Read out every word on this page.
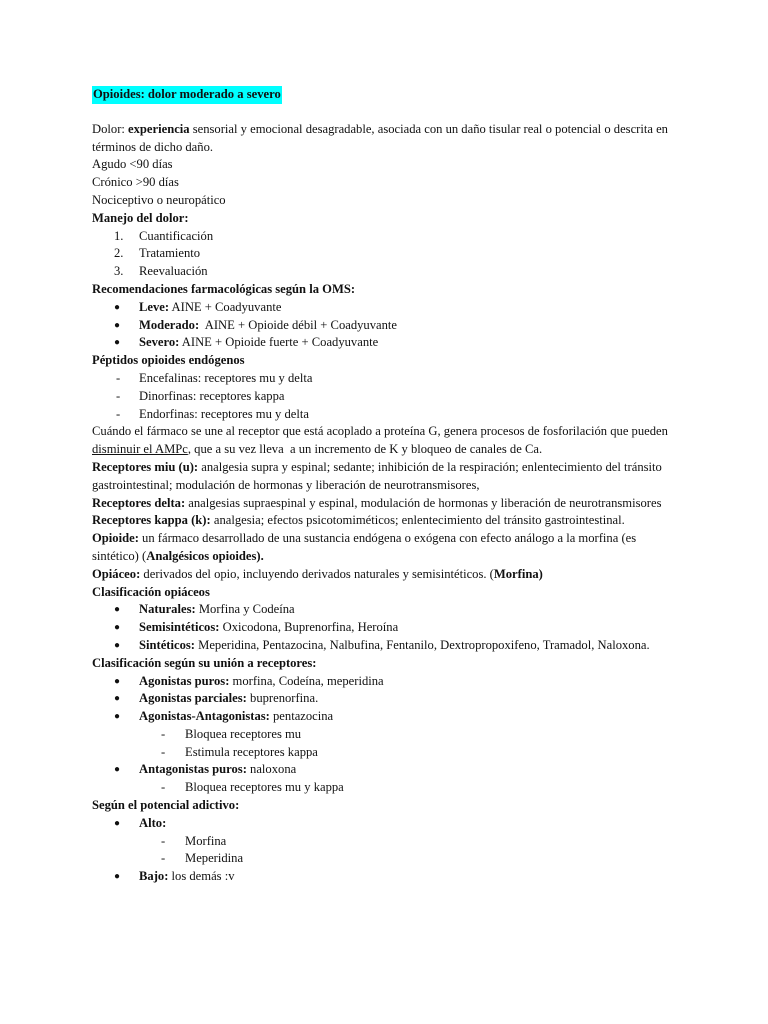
Opioides: dolor moderado a severo

Dolor: experiencia sensorial y emocional desagradable, asociada con un daño tisular real o potencial o descrita en términos de dicho daño.

Agudo <90 días

Crónico >90 días

Nociceptivo o neuropático

Manejo del dolor:

1. Cuantificación
2. Tratamiento
3. Reevaluación

Recomendaciones farmacológicas según la OMS:

● Leve: AINE + Coadyuvante
● Moderado:  AINE + Opioide débil + Coadyuvante
● Severo: AINE + Opioide fuerte + Coadyuvante

Péptidos opioides endógenos

- Encefalinas: receptores mu y delta
- Dinorfinas: receptores kappa
- Endorfinas: receptores mu y delta

Cuándo el fármaco se une al receptor que está acoplado a proteína G, genera procesos de fosforilación que pueden disminuir el AMPc, que a su vez lleva  a un incremento de K y bloqueo de canales de Ca.

Receptores miu (u): analgesia supra y espinal; sedante; inhibición de la respiración; enlentecimiento del tránsito gastrointestinal; modulación de hormonas y liberación de neurotransmisores,

Receptores delta: analgesias supraespinal y espinal, modulación de hormonas y liberación de neurotransmisores

Receptores kappa (k): analgesia; efectos psicotomiméticos; enlentecimiento del tránsito gastrointestinal.

Opioide: un fármaco desarrollado de una sustancia endógena o exógena con efecto análogo a la morfina (es sintético) (Analgésicos opioides).

Opiáceo: derivados del opio, incluyendo derivados naturales y semisintéticos. (Morfina)

Clasificación opiáceos

● Naturales: Morfina y Codeína
● Semisintéticos: Oxicodona, Buprenorfina, Heroína
● Sintéticos: Meperidina, Pentazocina, Nalbufina, Fentanilo, Dextropropoxifeno, Tramadol, Naloxona.

Clasificación según su unión a receptores:

● Agonistas puros: morfina, Codeína, meperidina
● Agonistas parciales: buprenorfina.
● Agonistas-Antagonistas: pentazocina
- Bloquea receptores mu
- Estimula receptores kappa
● Antagonistas puros: naloxona
- Bloquea receptores mu y kappa

Según el potencial adictivo:

● Alto:
- Morfina
- Meperidina
● Bajo: los demás :v
